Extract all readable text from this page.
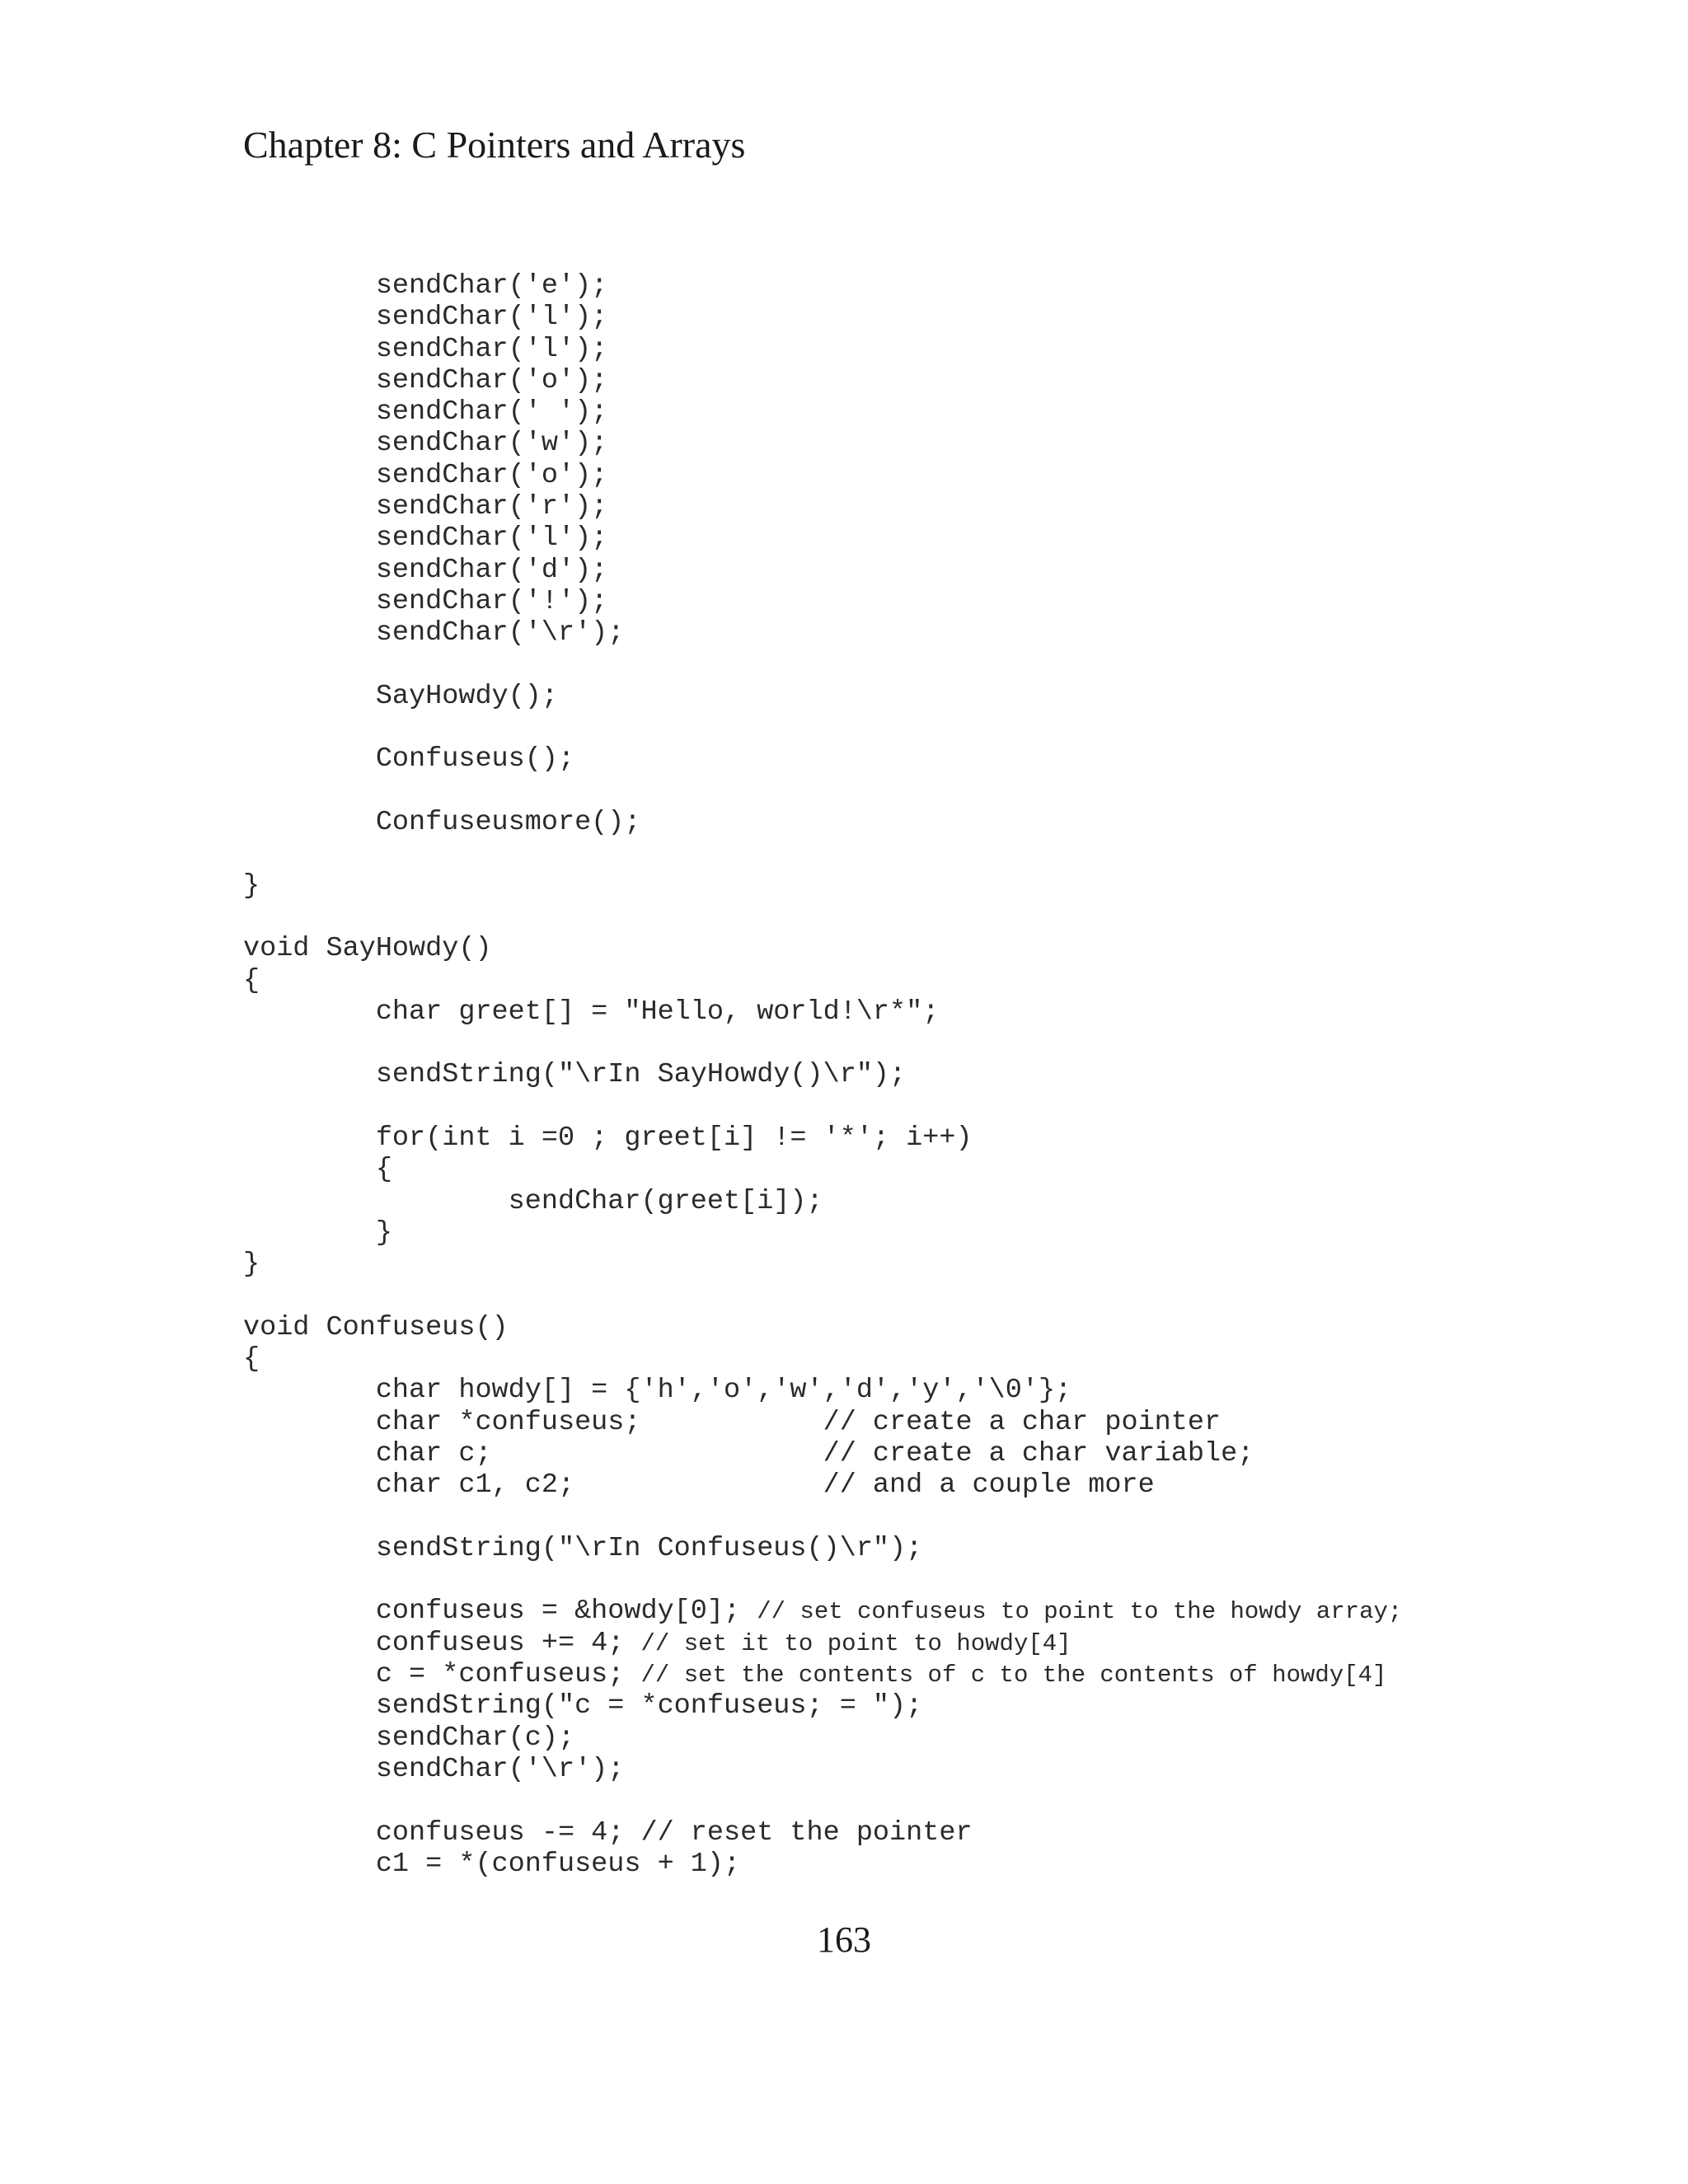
Chapter 8: C Pointers and Arrays
sendChar('e');
sendChar('l');
sendChar('l');
sendChar('o');
sendChar(' ');
sendChar('w');
sendChar('o');
sendChar('r');
sendChar('l');
sendChar('d');
sendChar('!');
sendChar('\r');
SayHowdy();
Confuseus();
Confuseusmore();
}
void SayHowdy()
{
char greet[] = "Hello, world!\r*";
sendString("\rIn SayHowdy()\r");
for(int i =0 ; greet[i] != '*'; i++)
{
sendChar(greet[i]);
}
}
void Confuseus()
{
char howdy[] = {'h','o','w','d','y','\0'};
char *confuseus;           // create a char pointer
char c;                    // create a char variable;
char c1, c2;               // and a couple more
sendString("\rIn Confuseus()\r");
confuseus = &howdy[0]; // set confuseus to point to the howdy array;
confuseus += 4; // set it to point to howdy[4]
c = *confuseus; // set the contents of c to the contents of howdy[4]
sendString("c = *confuseus; = ");
sendChar(c);
sendChar('\r');
confuseus -= 4; // reset the pointer
c1 = *(confuseus + 1);

163
